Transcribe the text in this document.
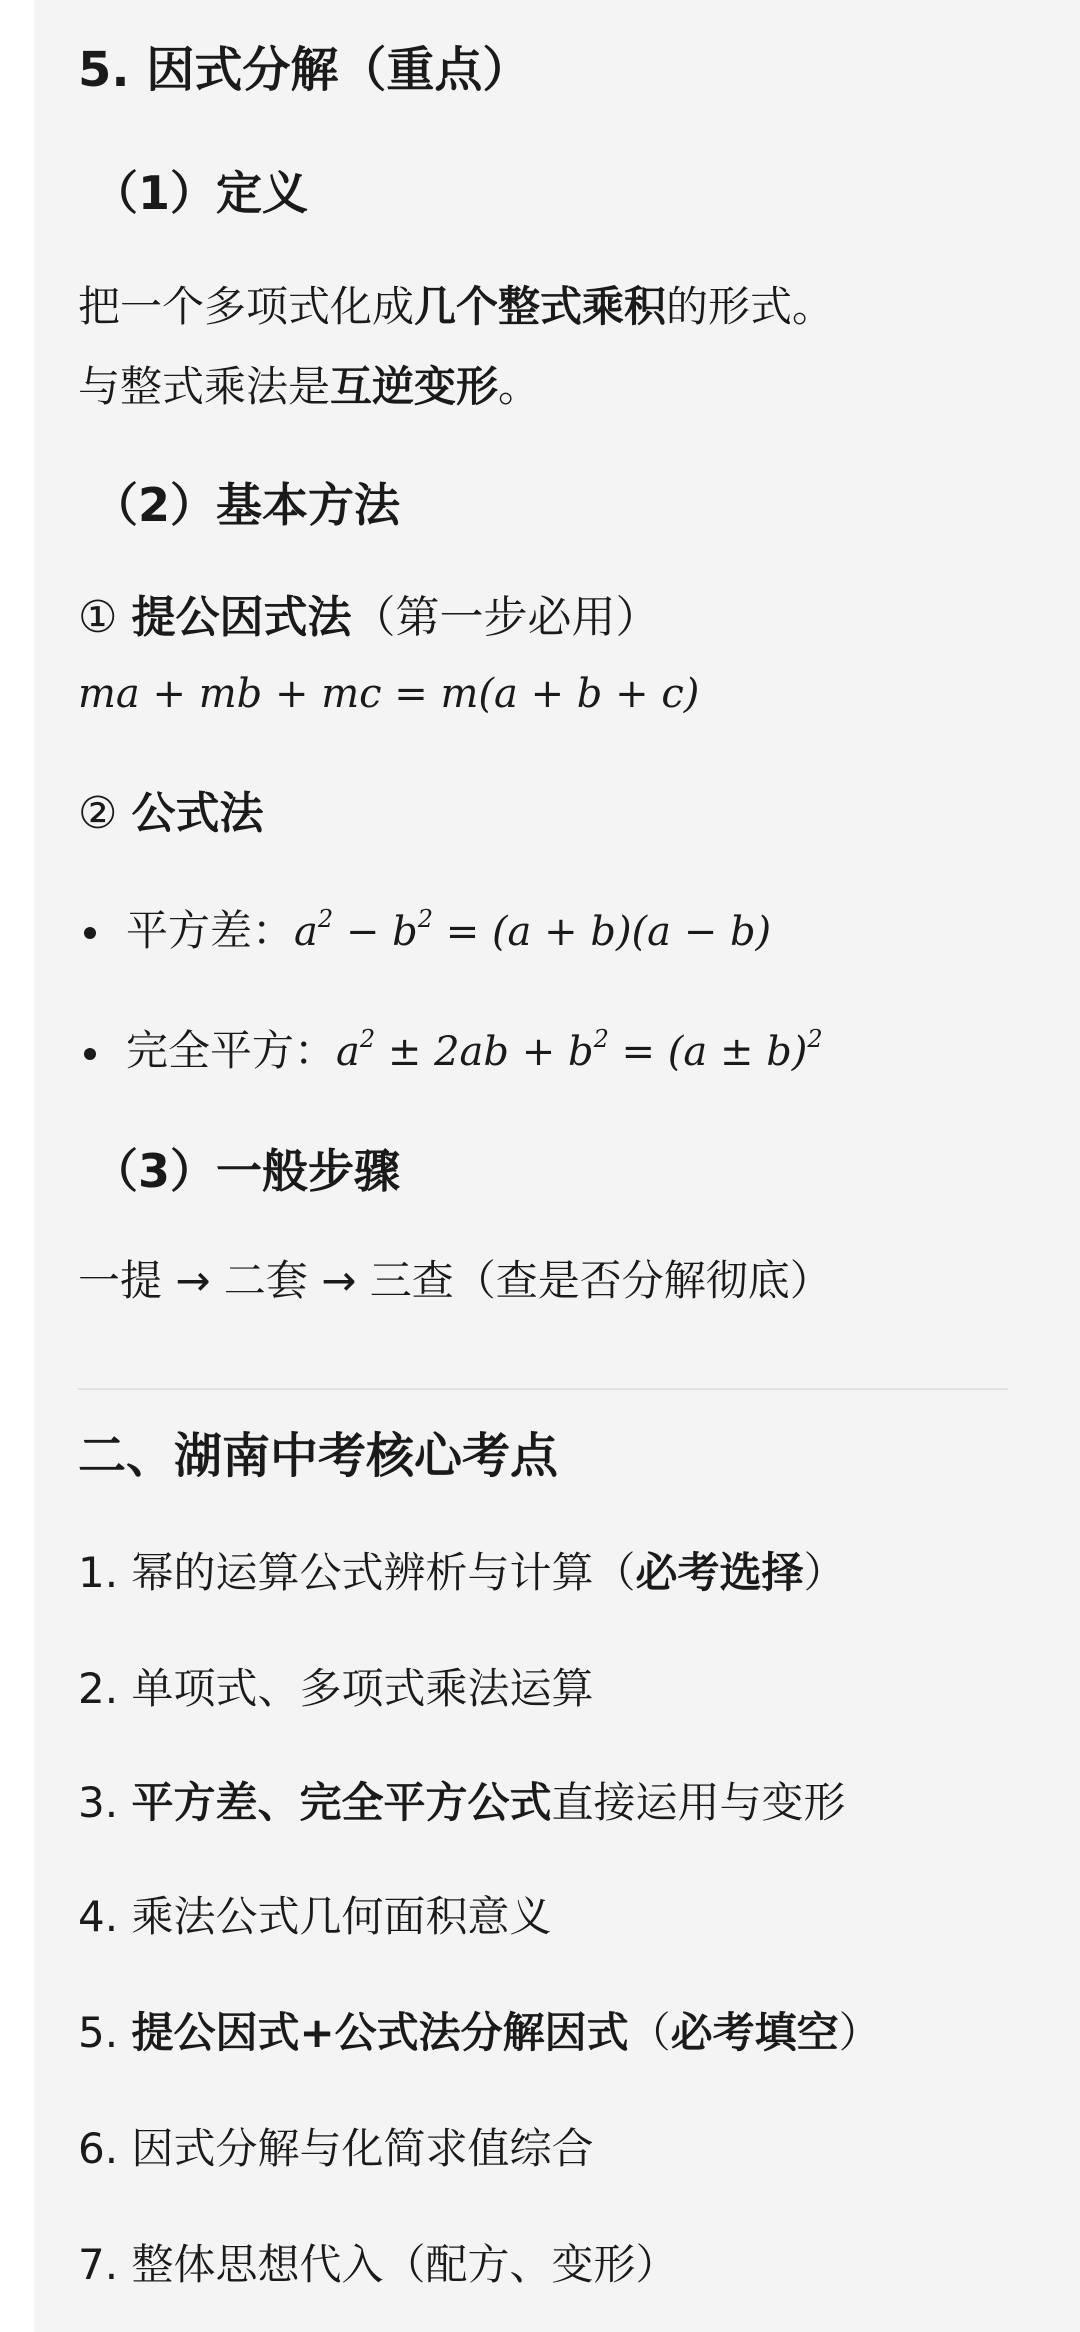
5. 因式分解（重点）
（1）定义
把一个多项式化成几个整式乘积的形式。
与整式乘法是互逆变形。
（2）基本方法
① 提公因式法（第一步必用）
ma + mb + mc = m(a + b + c)
② 公式法
平方差：$a^2 - b^2 = (a + b)(a - b)$
完全平方：$a^2 \pm 2ab + b^2 = (a \pm b)^2$
（3）一般步骤
一提 → 二套 → 三查（查是否分解彻底）
二、湖南中考核心考点
1. 幂的运算公式辨析与计算（必考选择）
2. 单项式、多项式乘法运算
3. 平方差、完全平方公式直接运用与变形
4. 乘法公式几何面积意义
5. 提公因式+公式法分解因式（必考填空）
6. 因式分解与化简求值综合
7. 整体思想代入（配方、变形）
